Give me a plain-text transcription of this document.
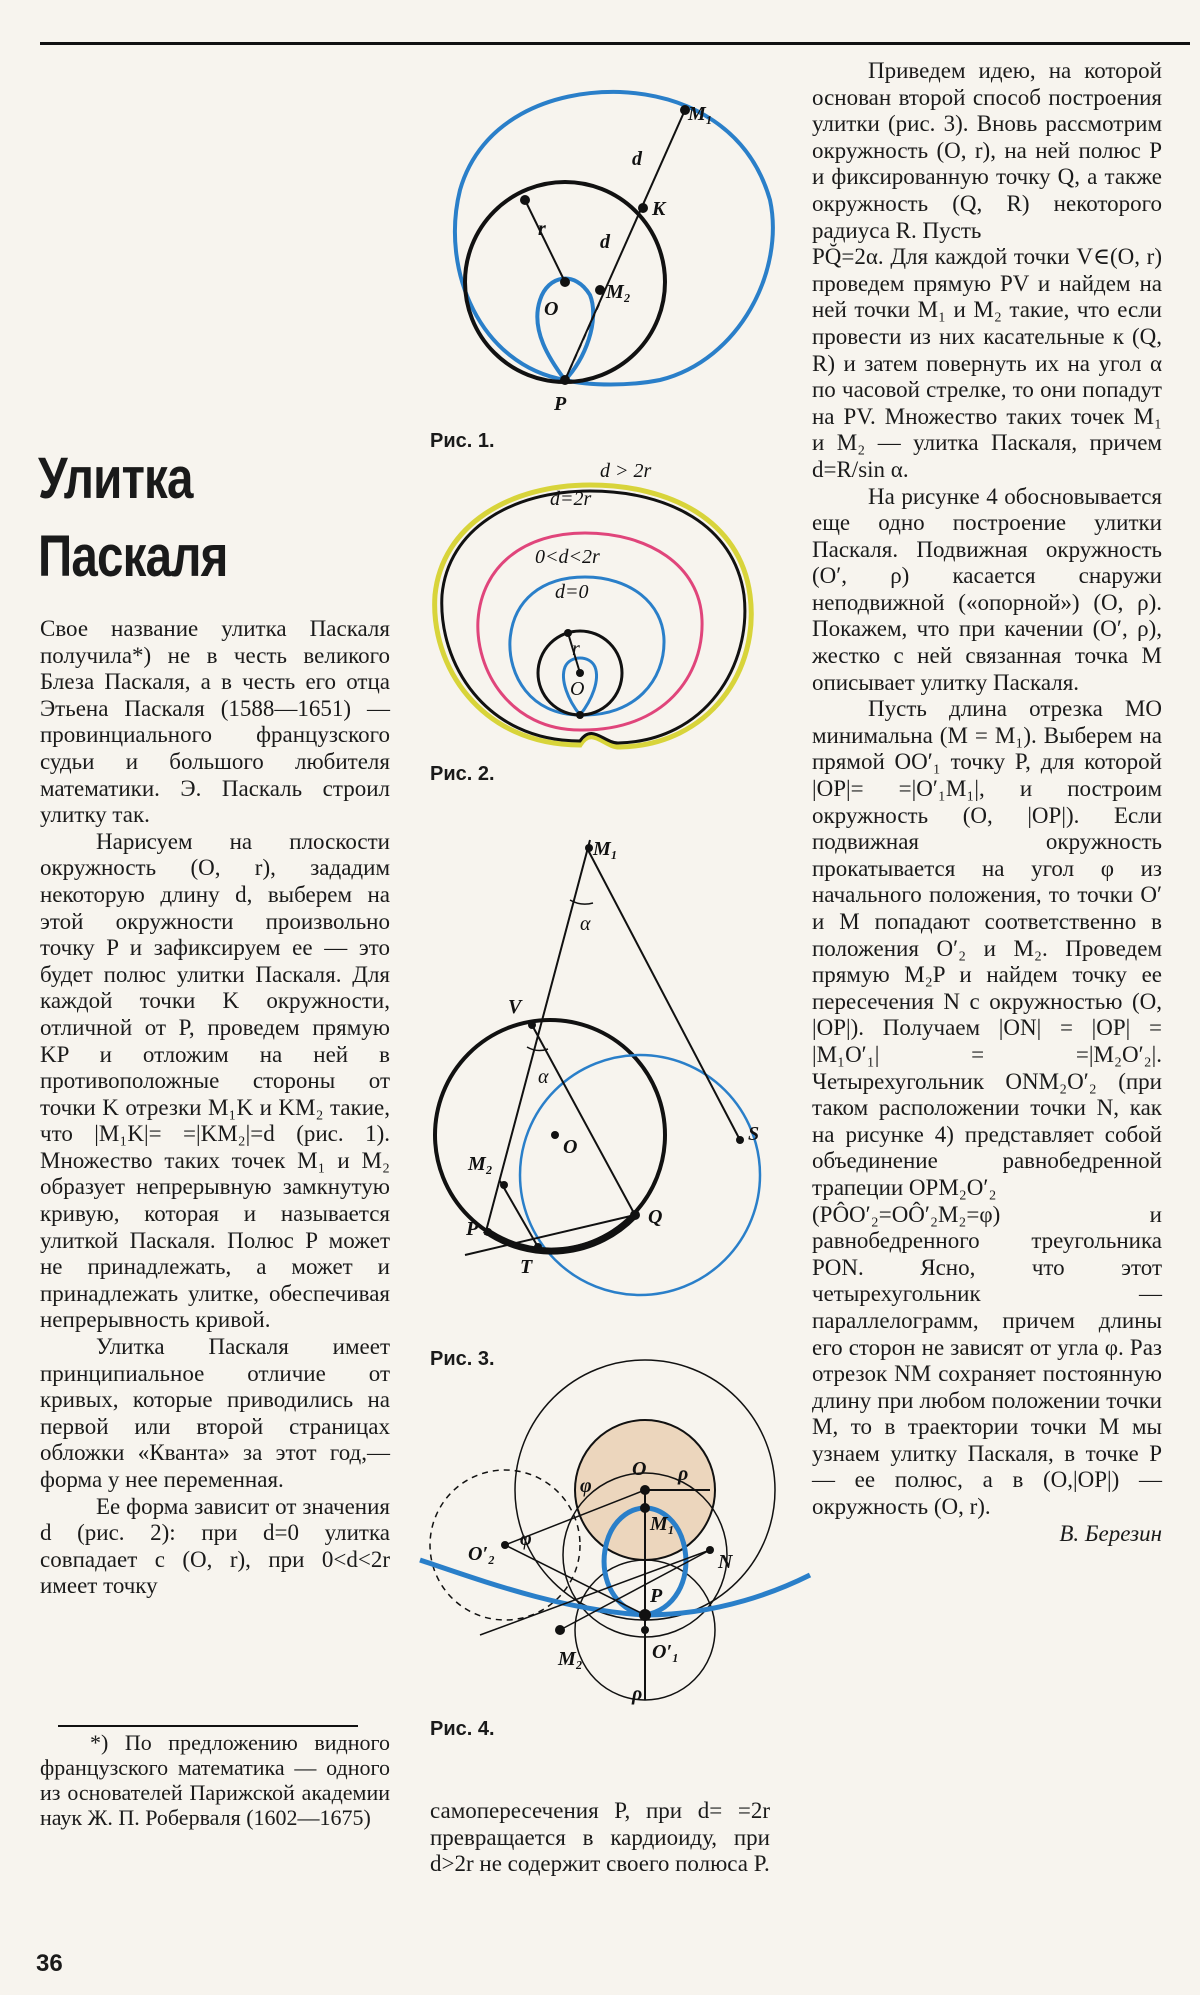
M₁
d
K
r
d
O
M₂
P
Рис. 1.
d > 2r
d=2r
0<d<2r
d=0
r
O
Рис. 2.
M₁
α
V
α
O
S
M₂
Q
P
T
Рис. 3.
O ρ
φ
φ
O′₂
M₁
P
N
M₂	O′₁
ρ
Рис. 4.
Улитка
Паскаля

Свое название улитка Паскаля получила*) не в честь великого Блеза Паскаля, а в честь его отца Этьена Паскаля (1588—1651) — провинциального французского судьи и большого любителя математики. Э. Паскаль строил улитку так.

Нарисуем на плоскости окружность (O, r), зададим некоторую длину d, выберем на этой окружности произвольно точку P и зафиксируем ее — это будет полюс улитки Паскаля. Для каждой точки K окружности, отличной от P, проведем прямую KP и отложим на ней в противоположные стороны от точки K отрезки M₁K и KM₂ такие, что |M₁K|= =|KM₂|=d (рис. 1). Множество таких точек M₁ и M₂ образует непрерывную замкнутую кривую, которая и называется улиткой Паскаля. Полюс P может не принадлежать, а может и принадлежать улитке, обеспечивая непрерывность кривой.

Улитка Паскаля имеет принципиальное отличие от кривых, которые приводились на первой или второй страницах обложки «Кванта» за этот год,— форма у нее переменная.

Ее форма зависит от значения d (рис. 2): при d=0 улитка совпадает с (O, r), при 0<d<2r имеет точку

*) По предложению видного французского математика — одного из основателей Парижской академии наук Ж. П. Роберваля (1602—1675)	самопересечения P, при d= =2r превращается в кардиоиду, при d>2r не содержит своего полюса P.

Приведем идею, на которой основан второй способ построения улитки (рис. 3). Вновь рассмотрим окружность (O, r), на ней полюс P и фиксированную точку Q, а также окружность (Q, R) некоторого радиуса R. Пусть

PQ̆=2α. Для каждой точки V∈(O, r) проведем прямую PV и найдем на ней точки M₁ и M₂ такие, что если провести из них касательные к (Q, R) и затем повернуть их на угол α по часовой стрелке, то они попадут на PV. Множество таких точек M₁ и M₂ — улитка Паскаля, причем d=R/sin α.

На рисунке 4 обосновывается еще одно построение улитки Паскаля. Подвижная окружность (O′, ρ) касается снаружи неподвижной («опорной») (O, ρ). Покажем, что при качении (O′, ρ), жестко с ней связанная точка M описывает улитку Паскаля.

Пусть длина отрезка MO минимальна (M = M₁). Выберем на прямой OO′₁ точку P, для которой |OP|= =|O′₁M₁|, и построим окружность (O, |OP|). Если подвижная окружность прокатывается на угол φ из начального положения, то точки O′ и M попадают соответственно в положения O′₂ и M₂. Проведем прямую M₂P и найдем точку ее пересечения N с окружностью (O, |OP|). Получаем |ON| = |OP| = |M₁O′₁| = =|M₂O′₂|. Четырехугольник ONM₂O′₂ (при таком расположении точки N, как на рисунке 4) представляет собой объединение равнобедренной трапеции OPM₂O′₂

(PÔO′₂=OÔ′₂M₂=φ) и равнобедренного треугольника PON. Ясно, что этот четырехугольник — параллелограмм, причем длины его сторон не зависят от угла φ. Раз отрезок NM сохраняет постоянную длину при любом положении точки M, то в траектории точки M мы узнаем улитку Паскаля, в точке P — ее полюс, а в (O,|OP|) — окружность (O, r).

В. Березин

36
